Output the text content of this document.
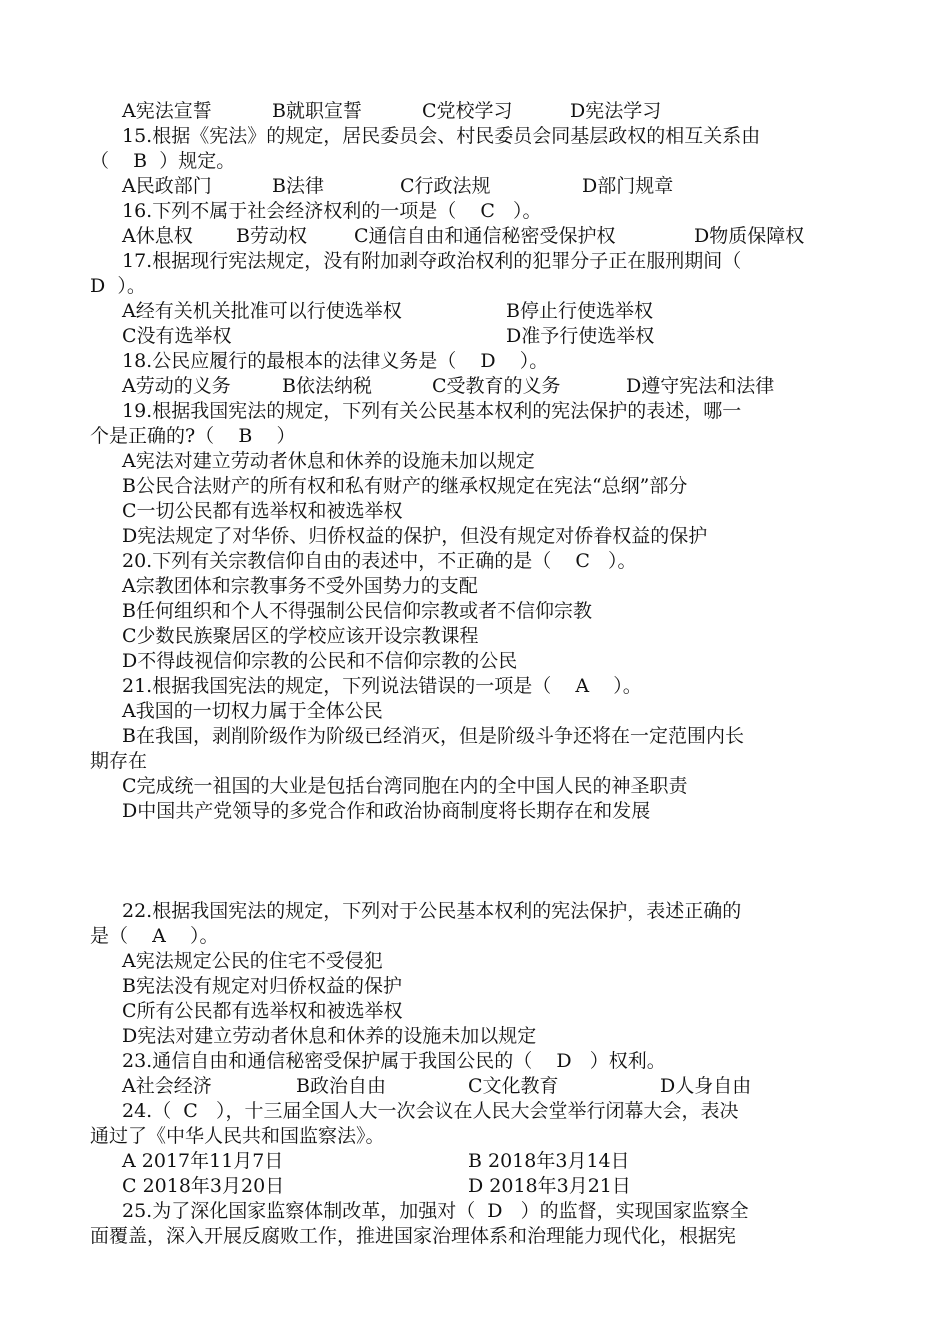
A宪法宣誓	B就职宣誓	C党校学习	D宪法学习
15.根据《宪法》的规定，居民委员会、村民委员会同基层政权的相互关系由
（    B  ）规定。
A民政部门	B法律	C行政法规	D部门规章
16.下列不属于社会经济权利的一项是（    C   ）。
A休息权 B劳动权 C通信自由和通信秘密受保护权	D物质保障权
17.根据现行宪法规定，没有附加剥夺政治权利的犯罪分子正在服刑期间（
D  ）。
A经有关机关批准可以行使选举权	B停止行使选举权
C没有选举权	D准予行使选举权
18.公民应履行的最根本的法律义务是（    D    ）。
A劳动的义务	B依法纳税	C受教育的义务	D遵守宪法和法律
19.根据我国宪法的规定，下列有关公民基本权利的宪法保护的表述，哪一
个是正确的?（    B    ）
A宪法对建立劳动者休息和休养的设施未加以规定
B公民合法财产的所有权和私有财产的继承权规定在宪法“总纲”部分
C一切公民都有选举权和被选举权
D宪法规定了对华侨、归侨权益的保护，但没有规定对侨眷权益的保护
20.下列有关宗教信仰自由的表述中，不正确的是（    C   ）。
A宗教团体和宗教事务不受外国势力的支配
B任何组织和个人不得强制公民信仰宗教或者不信仰宗教
C少数民族聚居区的学校应该开设宗教课程
D不得歧视信仰宗教的公民和不信仰宗教的公民
21.根据我国宪法的规定，下列说法错误的一项是（    A    ）。
A我国的一切权力属于全体公民
B在我国，剥削阶级作为阶级已经消灭，但是阶级斗争还将在一定范围内长
期存在
C完成统一祖国的大业是包括台湾同胞在内的全中国人民的神圣职责
D中国共产党领导的多党合作和政治协商制度将长期存在和发展
22.根据我国宪法的规定，下列对于公民基本权利的宪法保护，表述正确的
是（    A    ）。
A宪法规定公民的住宅不受侵犯
B宪法没有规定对归侨权益的保护
C所有公民都有选举权和被选举权
D宪法对建立劳动者休息和休养的设施未加以规定
23.通信自由和通信秘密受保护属于我国公民的（    D   ）权利。
A社会经济	B政治自由	C文化教育	D人身自由
24.（  C   ），十三届全国人大一次会议在人民大会堂举行闭幕大会，表决
通过了《中华人民共和国监察法》。
A 2017年11月7日	B 2018年3月14日
C 2018年3月20日	D 2018年3月21日
25.为了深化国家监察体制改革，加强对（  D   ）的监督，实现国家监察全
面覆盖，深入开展反腐败工作，推进国家治理体系和治理能力现代化，根据宪
